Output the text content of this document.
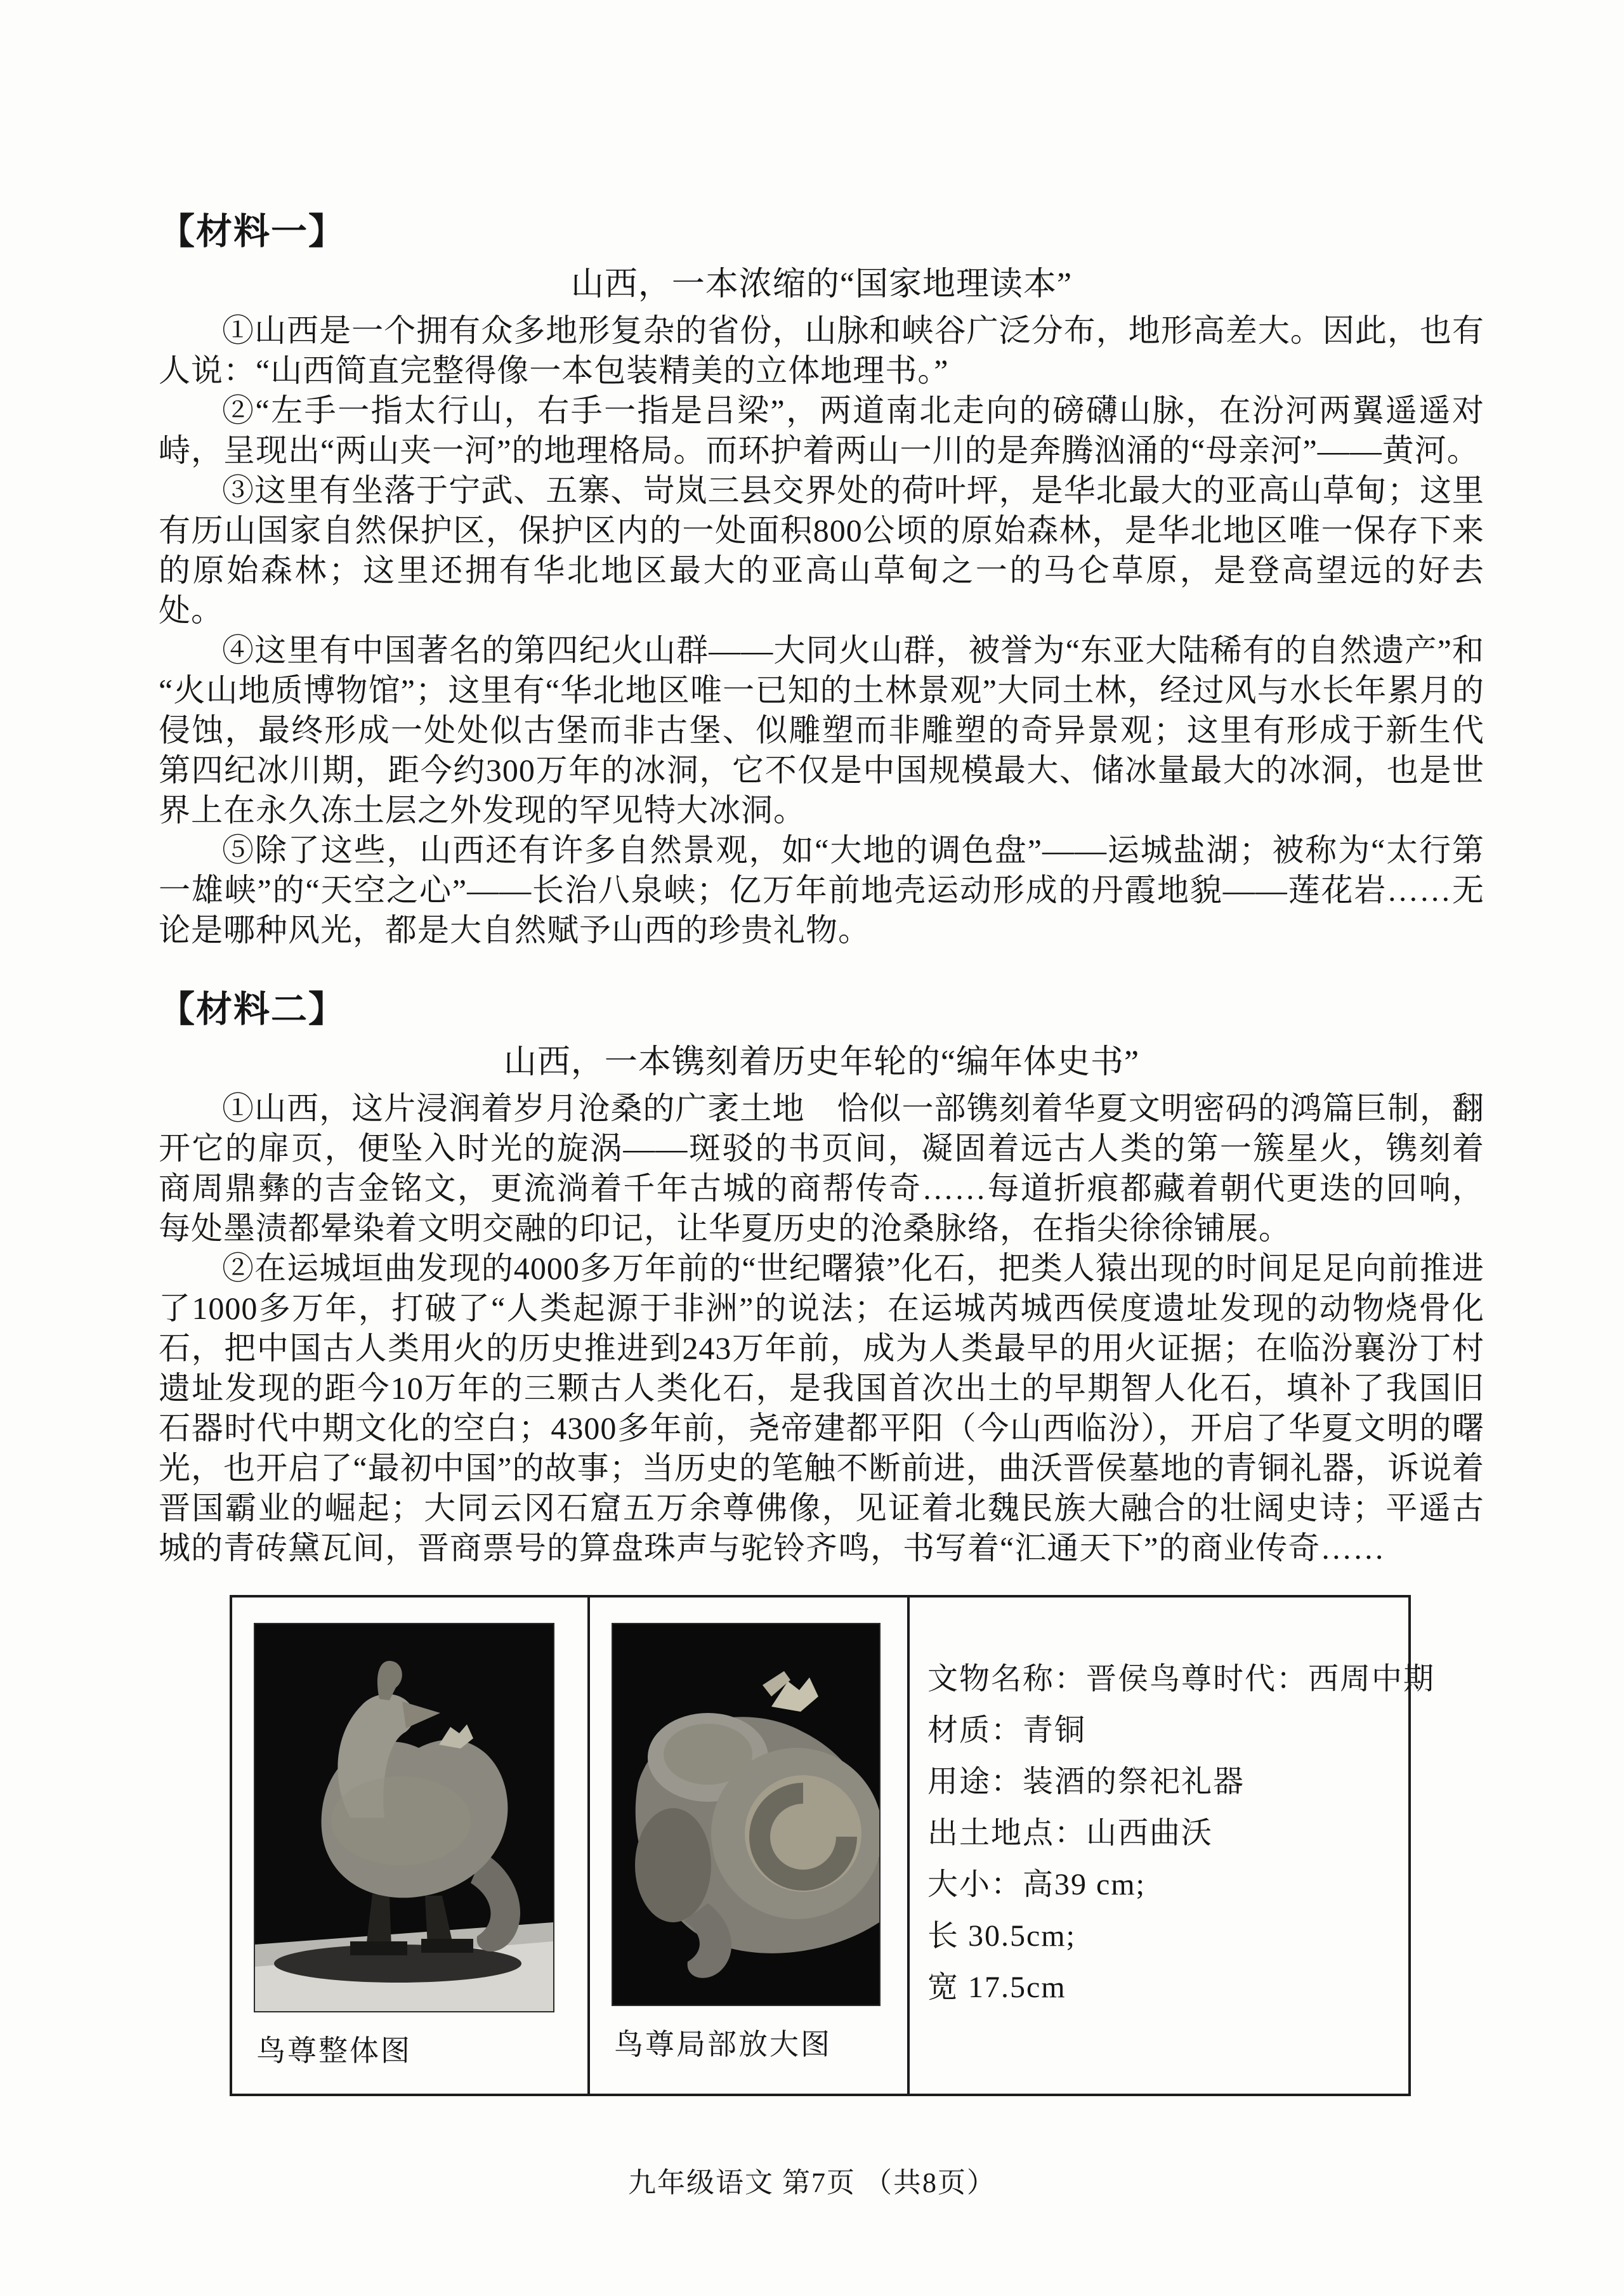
【材料一】
山西，一本浓缩的“国家地理读本”

①山西是一个拥有众多地形复杂的省份，山脉和峡谷广泛分布，地形高差大。因此，也有人说：“山西简直完整得像一本包装精美的立体地理书。”

②“左手一指太行山，右手一指是吕梁”，两道南北走向的磅礴山脉，在汾河两翼遥遥对峙，呈现出“两山夹一河”的地理格局。而环护着两山一川的是奔腾汹涌的“母亲河”——黄河。

③这里有坐落于宁武、五寨、岢岚三县交界处的荷叶坪，是华北最大的亚高山草甸；这里有历山国家自然保护区，保护区内的一处面积800公顷的原始森林，是华北地区唯一保存下来的原始森林；这里还拥有华北地区最大的亚高山草甸之一的马仑草原，是登高望远的好去处。

④这里有中国著名的第四纪火山群——大同火山群，被誉为“东亚大陆稀有的自然遗产”和“火山地质博物馆”；这里有“华北地区唯一已知的土林景观”大同土林，经过风与水长年累月的侵蚀，最终形成一处处似古堡而非古堡、似雕塑而非雕塑的奇异景观；这里有形成于新生代第四纪冰川期，距今约300万年的冰洞，它不仅是中国规模最大、储冰量最大的冰洞，也是世界上在永久冻土层之外发现的罕见特大冰洞。

⑤除了这些，山西还有许多自然景观，如“大地的调色盘”——运城盐湖；被称为“太行第一雄峡”的“天空之心”——长治八泉峡；亿万年前地壳运动形成的丹霞地貌——莲花岩……无论是哪种风光，都是大自然赋予山西的珍贵礼物。

【材料二】
山西，一本镌刻着历史年轮的“编年体史书”

①山西，这片浸润着岁月沧桑的广袤土地　恰似一部镌刻着华夏文明密码的鸿篇巨制，翻开它的扉页，便坠入时光的旋涡——斑驳的书页间，凝固着远古人类的第一簇星火，镌刻着商周鼎彝的吉金铭文，更流淌着千年古城的商帮传奇……每道折痕都藏着朝代更迭的回响，每处墨渍都晕染着文明交融的印记，让华夏历史的沧桑脉络，在指尖徐徐铺展。

②在运城垣曲发现的4000多万年前的“世纪曙猿”化石，把类人猿出现的时间足足向前推进了1000多万年，打破了“人类起源于非洲”的说法；在运城芮城西侯度遗址发现的动物烧骨化石，把中国古人类用火的历史推进到243万年前，成为人类最早的用火证据；在临汾襄汾丁村遗址发现的距今10万年的三颗古人类化石，是我国首次出土的早期智人化石，填补了我国旧石器时代中期文化的空白；4300多年前，尧帝建都平阳（今山西临汾），开启了华夏文明的曙光，也开启了“最初中国”的故事；当历史的笔触不断前进，曲沃晋侯墓地的青铜礼器，诉说着晋国霸业的崛起；大同云冈石窟五万余尊佛像，见证着北魏民族大融合的壮阔史诗；平遥古城的青砖黛瓦间，晋商票号的算盘珠声与驼铃齐鸣，书写着“汇通天下”的商业传奇……

鸟尊整体图	鸟尊局部放大图

文物名称：晋侯鸟尊时代：西周中期
材质：青铜
用途：装酒的祭祀礼器
出土地点：山西曲沃
大小：高39 cm;
长 30.5cm;
宽 17.5cm
九年级语文 第7页 （共8页）
